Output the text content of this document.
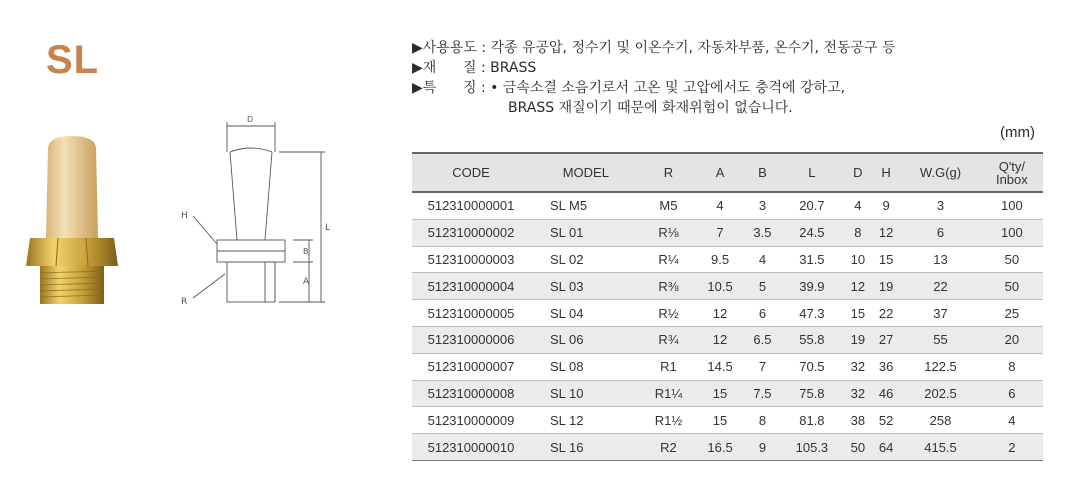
SL
D
H
R
L
A
B
▶사용용도 : 각종 유공압, 정수기 및 이온수기, 자동차부품, 온수기, 전동공구 등
▶재      질 : BRASS
▶특      징 : • 금속소결 소음기로서 고온 및 고압에서도 충격에 강하고,
BRASS 재질이기 때문에 화재위험이 없습니다.
(mm)
CODE	MODEL	R	A	B	L	D	H	W.G(g)	Q'ty/
Inbox
512310000001	SL M5	M5	4	3	20.7	4	9	3	100
512310000002	SL 01	R⅛	7	3.5	24.5	8	12	6	100
512310000003	SL 02	R¼	9.5	4	31.5	10	15	13	50
512310000004	SL 03	R⅜	10.5	5	39.9	12	19	22	50
512310000005	SL 04	R½	12	6	47.3	15	22	37	25
512310000006	SL 06	R¾	12	6.5	55.8	19	27	55	20
512310000007	SL 08	R1	14.5	7	70.5	32	36	122.5	8
512310000008	SL 10	R1¼	15	7.5	75.8	32	46	202.5	6
512310000009	SL 12	R1½	15	8	81.8	38	52	258	4
512310000010	SL 16	R2	16.5	9	105.3	50	64	415.5	2
